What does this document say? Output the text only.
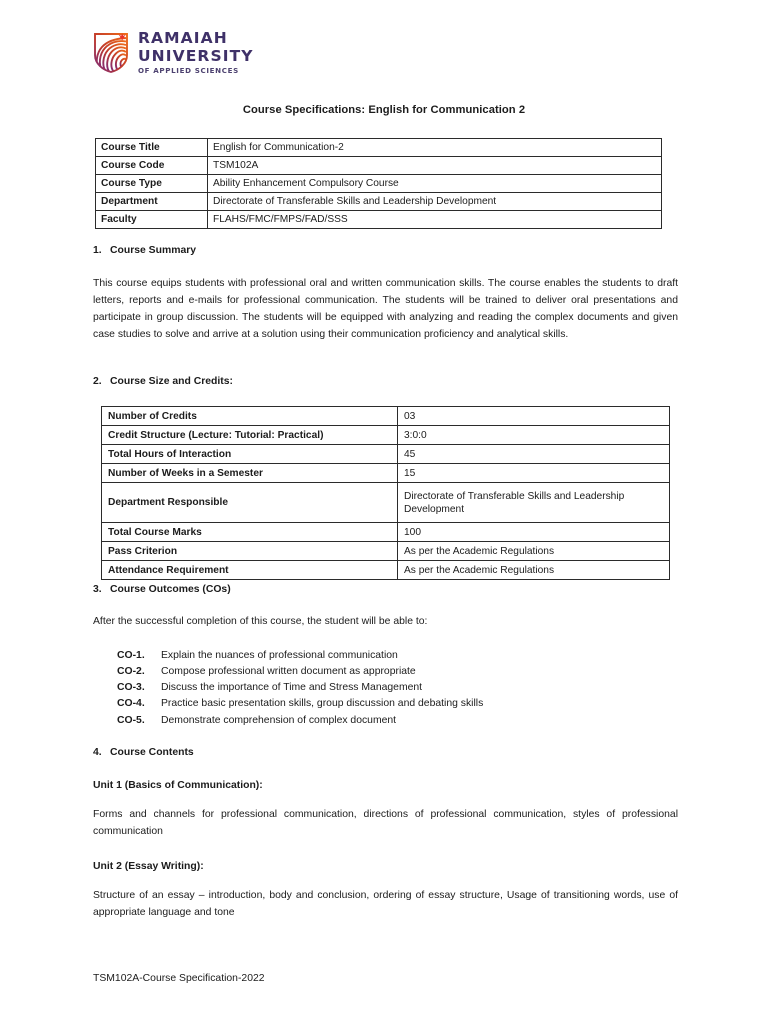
RAMAIAH
UNIVERSITY
OF APPLIED SCIENCES
Course Specifications: English for Communication 2
Course Title	English for Communication-2
Course Code	TSM102A
Course Type	Ability Enhancement Compulsory Course
Department	Directorate of Transferable Skills and Leadership Development
Faculty	FLAHS/FMC/FMPS/FAD/SSS
1. Course Summary
This course equips students with professional oral and written communication skills. The course enables the students to draft letters, reports and e-mails for professional communication. The students will be trained to deliver oral presentations and participate in group discussion. The students will be equipped with analyzing and reading the complex documents and given case studies to solve and arrive at a solution using their communication proficiency and analytical skills.
2. Course Size and Credits:
Number of Credits	03
Credit Structure (Lecture: Tutorial: Practical)	3:0:0
Total Hours of Interaction	45
Number of Weeks in a Semester	15
Department Responsible	Directorate of Transferable Skills and Leadership Development
Total Course Marks	100
Pass Criterion	As per the Academic Regulations
Attendance Requirement	As per the Academic Regulations
3. Course Outcomes (COs)
After the successful completion of this course, the student will be able to:
CO-1.	Explain the nuances of professional communication
CO-2.	Compose professional written document as appropriate
CO-3.	Discuss the importance of Time and Stress Management
CO-4.	Practice basic presentation skills, group discussion and debating skills
CO-5.	Demonstrate comprehension of complex document
4. Course Contents
Unit 1 (Basics of Communication):
Forms and channels for professional communication, directions of professional communication, styles of professional communication
Unit 2 (Essay Writing):
Structure of an essay – introduction, body and conclusion, ordering of essay structure, Usage of transitioning words, use of appropriate language and tone
TSM102A-Course Specification-2022
